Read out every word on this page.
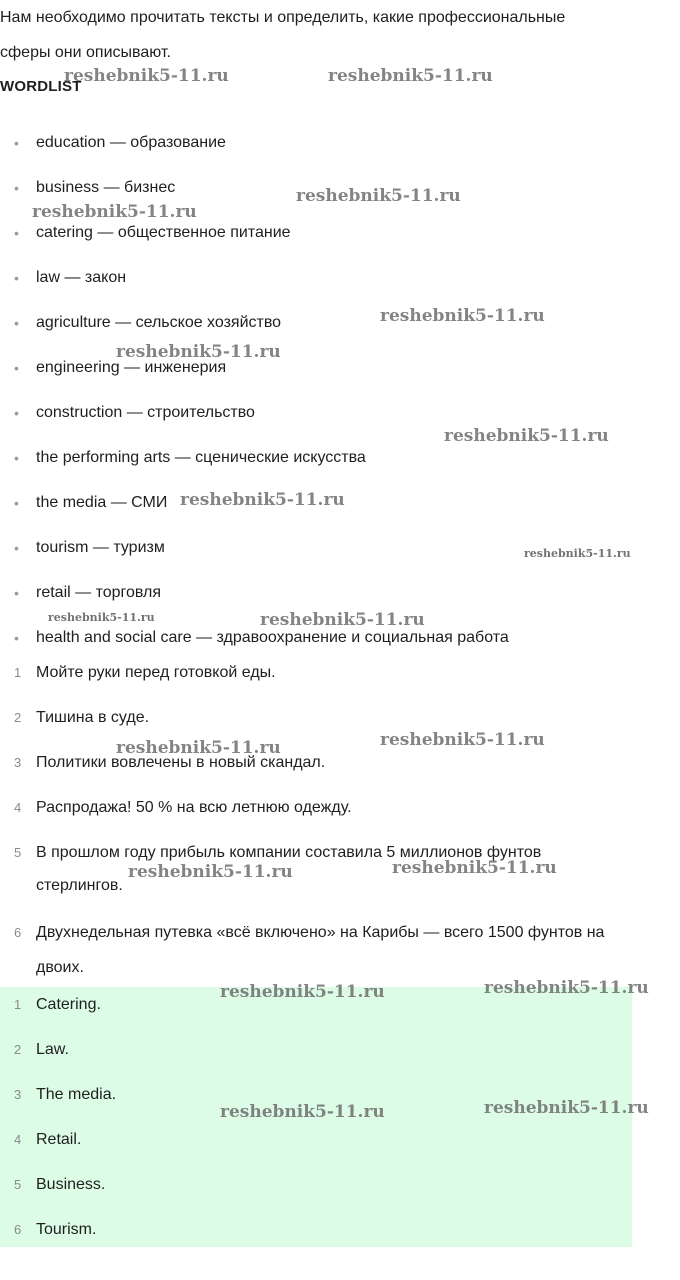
Нам необходимо прочитать тексты и определить, какие профессиональные
сферы они описывают.

WORDLIST

• education — образование
• business — бизнес
• catering — общественное питание
• law — закон
• agriculture — сельское хозяйство
• engineering — инженерия
• construction — строительство
• the performing arts — сценические искусства
• the media — СМИ
• tourism — туризм
• retail — торговля
• health and social care — здравоохранение и социальная работа
1 Мойте руки перед готовкой еды.
2 Тишина в суде.
3 Политики вовлечены в новый скандал.
4 Распродажа! 50 % на всю летнюю одежду.
5 В прошлом году прибыль компании составила 5 миллионов фунтов
стерлингов.
6 Двухнедельная путевка «всё включено» на Карибы — всего 1500 фунтов на
двоих.
1 Catering.
2 Law.
3 The media.
4 Retail.
5 Business.
6 Tourism.
reshebnik5-11.ru	reshebnik5-11.ru
reshebnik5-11.ru
reshebnik5-11.ru
reshebnik5-11.ru
reshebnik5-11.ru
reshebnik5-11.ru
reshebnik5-11.ru
reshebnik5-11.ru
reshebnik5-11.ru	reshebnik5-11.ru
reshebnik5-11.ru
reshebnik5-11.ru
reshebnik5-11.ru	reshebnik5-11.ru
reshebnik5-11.ru	reshebnik5-11.ru
reshebnik5-11.ru	reshebnik5-11.ru
